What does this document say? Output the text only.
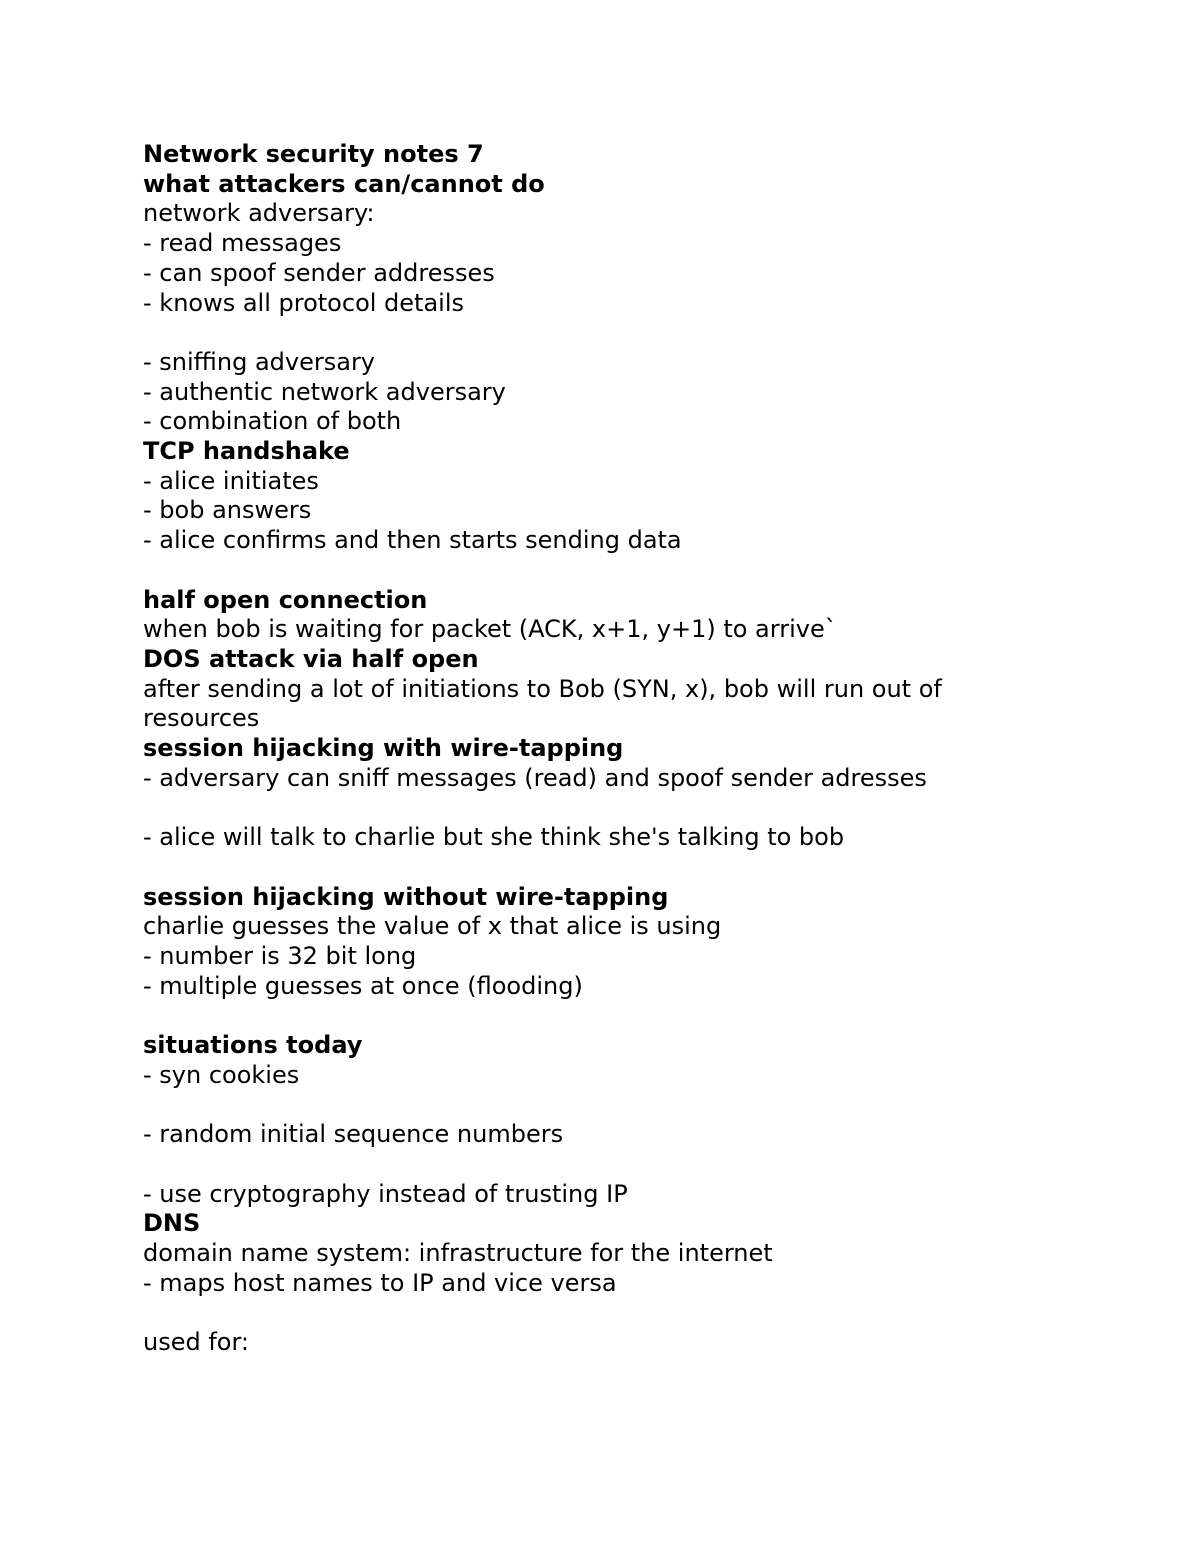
Network security notes 7
what attackers can/cannot do
network adversary:
- read messages
- can spoof sender addresses
- knows all protocol details
- sniffing adversary
- authentic network adversary
- combination of both
TCP handshake
- alice initiates
- bob answers
- alice confirms and then starts sending data
half open connection
when bob is waiting for packet (ACK, x+1, y+1) to arrive`
DOS attack via half open
after sending a lot of initiations to Bob (SYN, x), bob will run out of
resources
session hijacking with wire-tapping
- adversary can sniff messages (read) and spoof sender adresses
- alice will talk to charlie but she think she's talking to bob
session hijacking without wire-tapping
charlie guesses the value of x that alice is using
- number is 32 bit long
- multiple guesses at once (flooding)
situations today
- syn cookies
- random initial sequence numbers
- use cryptography instead of trusting IP
DNS
domain name system: infrastructure for the internet
- maps host names to IP and vice versa
used for:
